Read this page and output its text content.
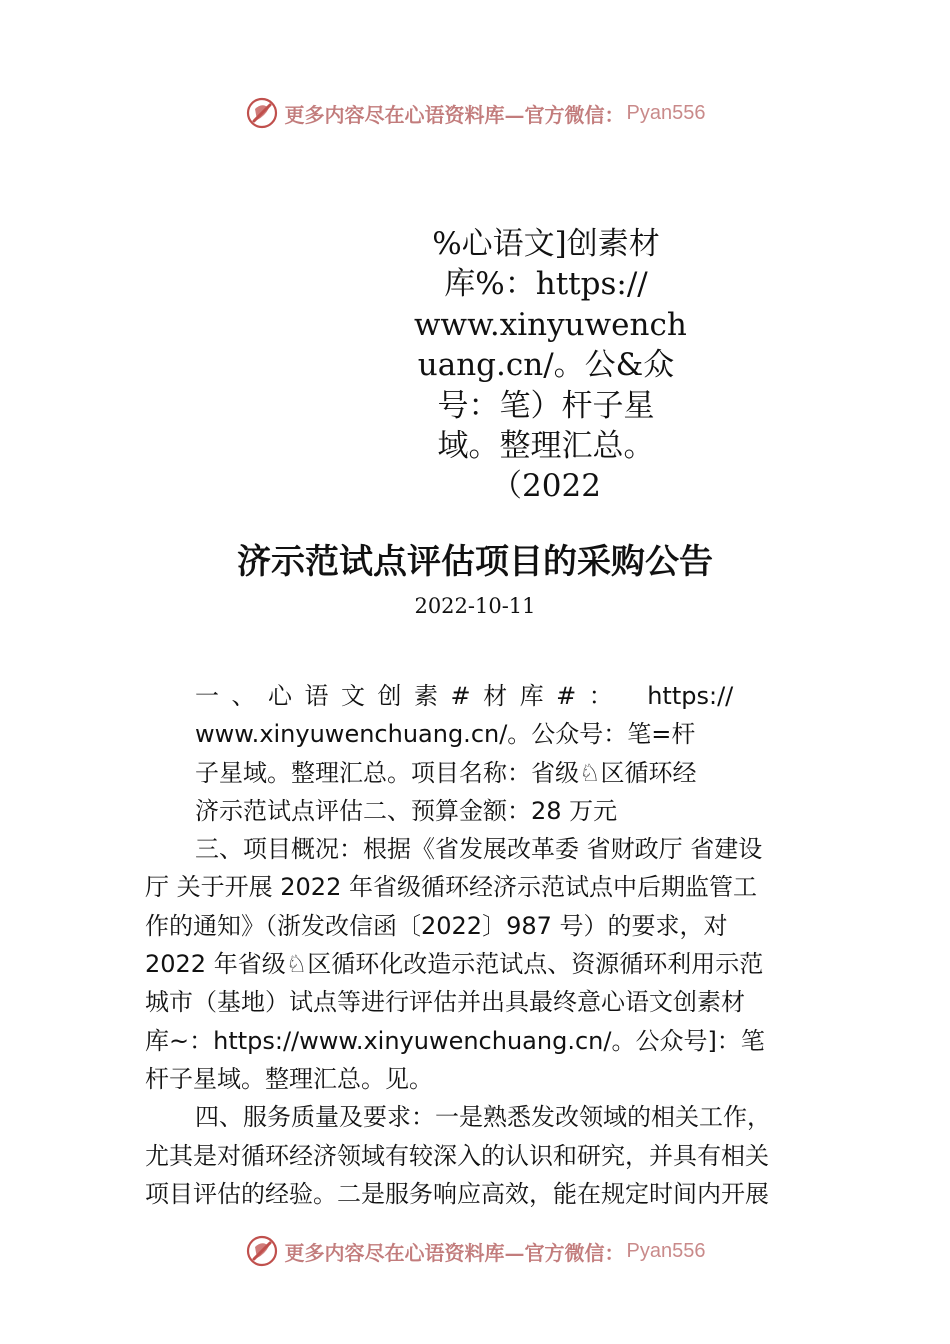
更多内容尽在心语资料库—官方微信： Pyan556
%心语文]创素材
库%：https://
www.xinyuwench
uang.cn/。公&众
号：笔）杆子星
域。整理汇总。
（2022
济示范试点评估项目的采购公告
2022-10-11
一、心语文创素#材库#： https://
www.xinyuwenchuang.cn/。公众号：笔=杆
子星域。整理汇总。项目名称：省级♘区循环经
济示范试点评估二、预算金额：28 万元
三、项目概况：根据《省发展改革委 省财政厅 省建设
厅 关于开展 2022 年省级循环经济示范试点中后期监管工
作的通知》（浙发改信函〔2022〕987 号）的要求，对
2022 年省级♘区循环化改造示范试点、资源循环利用示范
城市（基地）试点等进行评估并出具最终意心语文创素材
库~：https://www.xinyuwenchuang.cn/。公众号]：笔
杆子星域。整理汇总。见。
四、服务质量及要求：一是熟悉发改领域的相关工作，
尤其是对循环经济领域有较深入的认识和研究，并具有相关
项目评估的经验。二是服务响应高效，能在规定时间内开展
更多内容尽在心语资料库—官方微信： Pyan556
